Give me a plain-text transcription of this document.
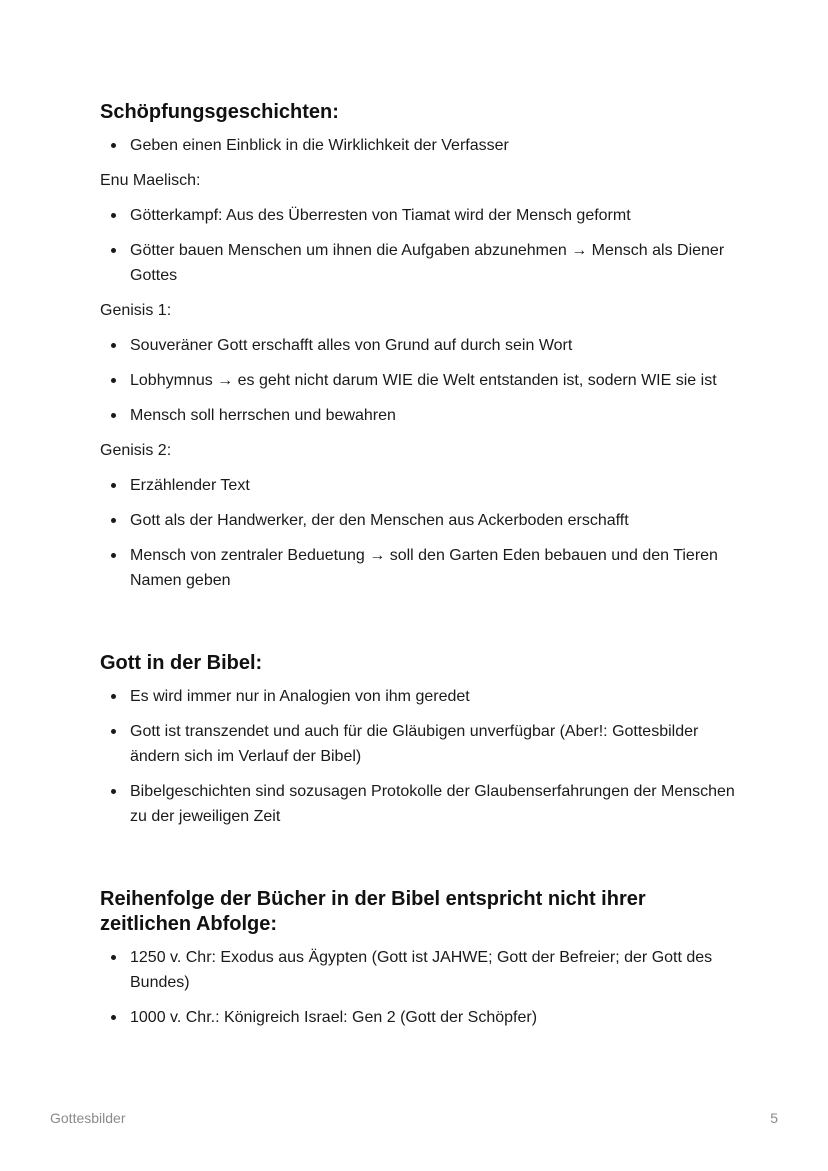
Schöpfungsgeschichten:
Geben einen Einblick in die Wirklichkeit der Verfasser

Enu Maelisch:

Götterkampf: Aus des Überresten von Tiamat wird der Mensch geformt
Götter bauen Menschen um ihnen die Aufgaben abzunehmen → Mensch als Diener Gottes

Genisis 1:

Souveräner Gott erschafft alles von Grund auf durch sein Wort
Lobhymnus → es geht nicht darum WIE die Welt entstanden ist, sodern WIE sie ist
Mensch soll herrschen und bewahren

Genisis 2:

Erzählender Text
Gott als der Handwerker, der den Menschen aus Ackerboden erschafft
Mensch von zentraler Beduetung → soll den Garten Eden bebauen und den Tieren Namen geben
Gott in der Bibel:
Es wird immer nur in Analogien von ihm geredet
Gott ist transzendet und auch für die Gläubigen unverfügbar (Aber!: Gottesbilder ändern sich im Verlauf der Bibel)
Bibelgeschichten sind sozusagen Protokolle der Glaubenserfahrungen der Menschen zu der jeweiligen Zeit
Reihenfolge der Bücher in der Bibel entspricht nicht ihrer zeitlichen Abfolge:
1250 v. Chr: Exodus aus Ägypten (Gott ist JAHWE; Gott der Befreier; der Gott des Bundes)
1000 v. Chr.: Königreich Israel: Gen 2 (Gott der Schöpfer)
Gottesbilder	5
